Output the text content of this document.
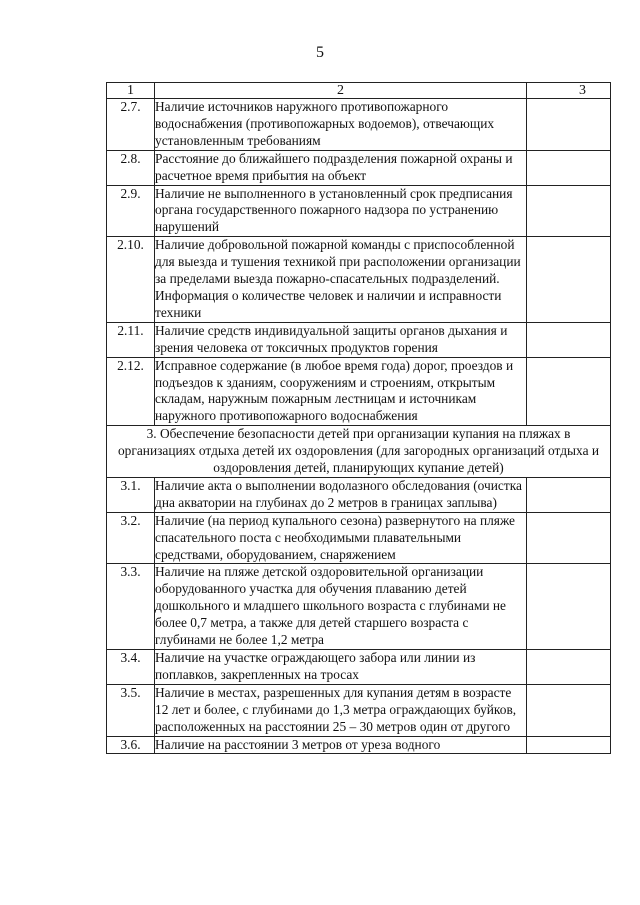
5
1	2	3
2.7.	Наличие источников наружного противопожарного водоснабжения (противопожарных водоемов), отвечающих установленным требованиям	
2.8.	Расстояние до ближайшего подразделения пожарной охраны и расчетное время прибытия на объект	
2.9.	Наличие не выполненного в установленный срок предписания органа государственного пожарного надзора по устранению нарушений	
2.10.	Наличие добровольной пожарной команды с приспособленной для выезда и тушения техникой при расположении организации за пределами выезда пожарно-спасательных подразделений. Информация о количестве человек и наличии и исправности техники	
2.11.	Наличие средств индивидуальной защиты органов дыхания и зрения человека от токсичных продуктов горения	
2.12.	Исправное содержание (в любое время года) дорог, проездов и подъездов к зданиям, сооружениям и строениям, открытым складам, наружным пожарным лестницам и источникам наружного противопожарного водоснабжения	
3. Обеспечение безопасности детей при организации купания на пляжах в организациях отдыха детей их оздоровления (для загородных организаций отдыха и оздоровления детей, планирующих купание детей)		
3.1.	Наличие акта о выполнении водолазного обследования (очистка дна акватории на глубинах до 2 метров в границах заплыва)	
3.2.	Наличие (на период купального сезона) развернутого на пляже спасательного поста с необходимыми плавательными средствами, оборудованием, снаряжением	
3.3.	Наличие на пляже детской оздоровительной организации оборудованного участка для обучения плаванию детей дошкольного и младшего школьного возраста с глубинами не более 0,7 метра, а также для детей старшего возраста с глубинами не более 1,2 метра	
3.4.	Наличие на участке ограждающего забора или линии из поплавков, закрепленных на тросах	
3.5.	Наличие в местах, разрешенных для купания детям в возрасте 12 лет и более, с глубинами до 1,3 метра ограждающих буйков, расположенных на расстоянии 25 – 30 метров один от другого	
3.6.	Наличие на расстоянии 3 метров от уреза водного	
